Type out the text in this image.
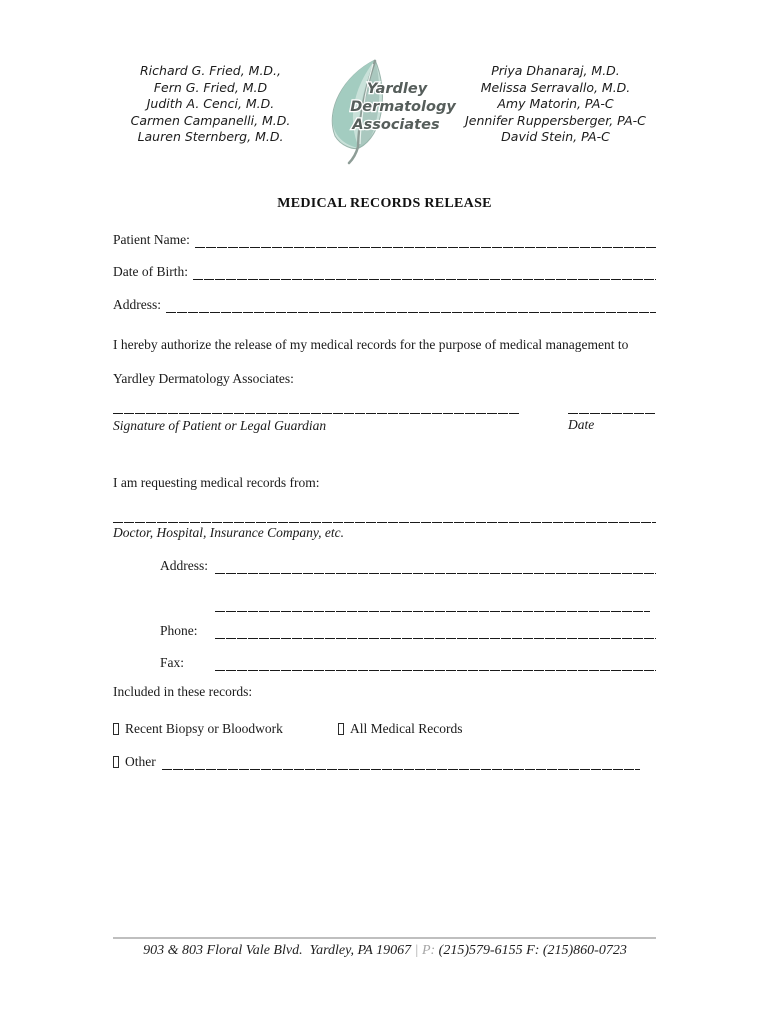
Richard G. Fried, M.D.,
Fern G. Fried, M.D
Judith A. Cenci, M.D.
Carmen Campanelli, M.D.
Lauren Sternberg, M.D.
Yardley
Dermatology
Associates
Priya Dhanaraj, M.D.
Melissa Serravallo, M.D.
Amy Matorin, PA-C
Jennifer Ruppersberger, PA-C
David Stein, PA-C
MEDICAL RECORDS RELEASE
Patient Name:
Date of Birth:
Address:
I hereby authorize the release of my medical records for the purpose of medical management to
Yardley Dermatology Associates:
Signature of Patient or Legal Guardian	Date
I am requesting medical records from:
Doctor, Hospital, Insurance Company, etc.
Address:
Phone:
Fax:
Included in these records:
Recent Biopsy or Bloodwork	All Medical Records
Other
903 & 803 Floral Vale Blvd.  Yardley, PA 19067 | P: (215)579-6155 F: (215)860-0723
